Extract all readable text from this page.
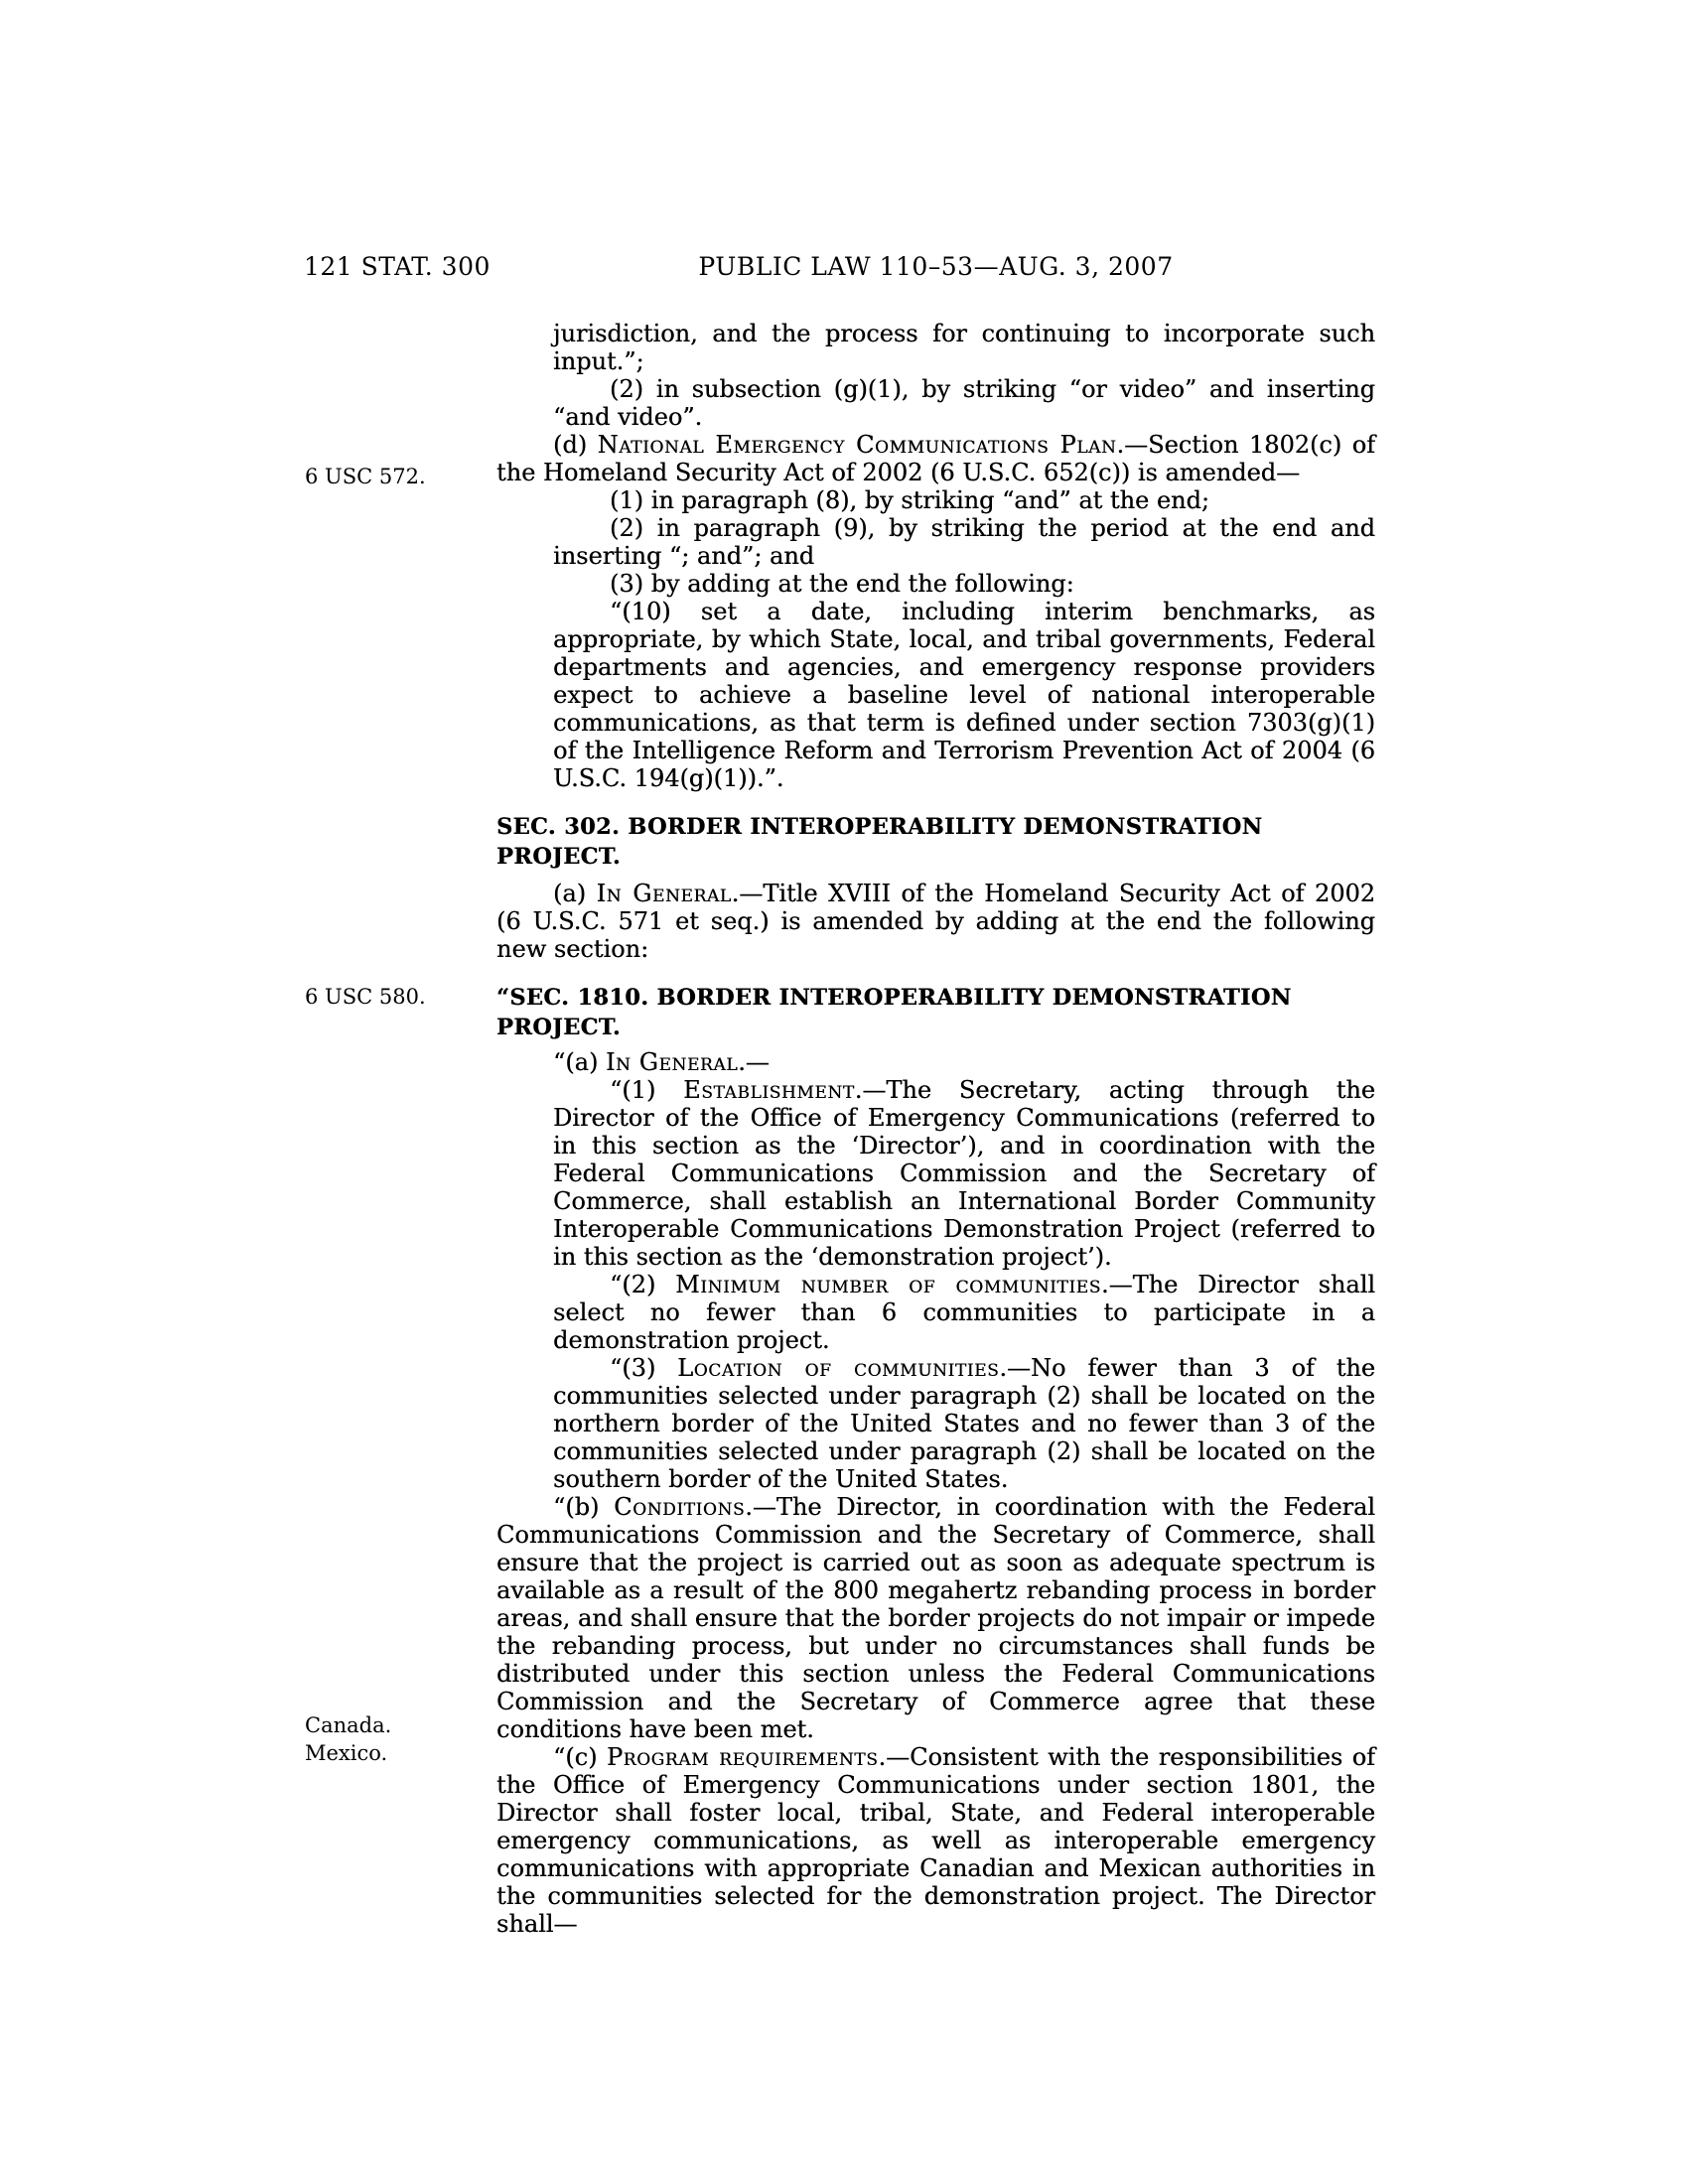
121 STAT. 300	PUBLIC LAW 110–53—AUG. 3, 2007
6 USC 572.
6 USC 580.
Canada.
Mexico.

jurisdiction, and the process for continuing to incorporate such input.”;

(2) in subsection (g)(1), by striking “or video” and inserting “and video”.

(d) National Emergency Communications Plan.—Section 1802(c) of the Homeland Security Act of 2002 (6 U.S.C. 652(c)) is amended—

(1) in paragraph (8), by striking “and” at the end;

(2) in paragraph (9), by striking the period at the end and inserting “; and”; and

(3) by adding at the end the following:

“(10) set a date, including interim benchmarks, as appropriate, by which State, local, and tribal governments, Federal departments and agencies, and emergency response providers expect to achieve a baseline level of national interoperable communications, as that term is defined under section 7303(g)(1) of the Intelligence Reform and Terrorism Prevention Act of 2004 (6 U.S.C. 194(g)(1)).”.

SEC. 302. BORDER INTEROPERABILITY DEMONSTRATION PROJECT.

(a) In General.—Title XVIII of the Homeland Security Act of 2002 (6 U.S.C. 571 et seq.) is amended by adding at the end the following new section:

“SEC. 1810. BORDER INTEROPERABILITY DEMONSTRATION PROJECT.

“(a) In General.—

“(1) Establishment.—The Secretary, acting through the Director of the Office of Emergency Communications (referred to in this section as the ‘Director’), and in coordination with the Federal Communications Commission and the Secretary of Commerce, shall establish an International Border Community Interoperable Communications Demonstration Project (referred to in this section as the ‘demonstration project’).

“(2) Minimum number of communities.—The Director shall select no fewer than 6 communities to participate in a demonstration project.

“(3) Location of communities.—No fewer than 3 of the communities selected under paragraph (2) shall be located on the northern border of the United States and no fewer than 3 of the communities selected under paragraph (2) shall be located on the southern border of the United States.

“(b) Conditions.—The Director, in coordination with the Federal Communications Commission and the Secretary of Commerce, shall ensure that the project is carried out as soon as adequate spectrum is available as a result of the 800 megahertz rebanding process in border areas, and shall ensure that the border projects do not impair or impede the rebanding process, but under no circumstances shall funds be distributed under this section unless the Federal Communications Commission and the Secretary of Commerce agree that these conditions have been met.

“(c) Program requirements.—Consistent with the responsibilities of the Office of Emergency Communications under section 1801, the Director shall foster local, tribal, State, and Federal interoperable emergency communications, as well as interoperable emergency communications with appropriate Canadian and Mexican authorities in the communities selected for the demonstration project. The Director shall—
